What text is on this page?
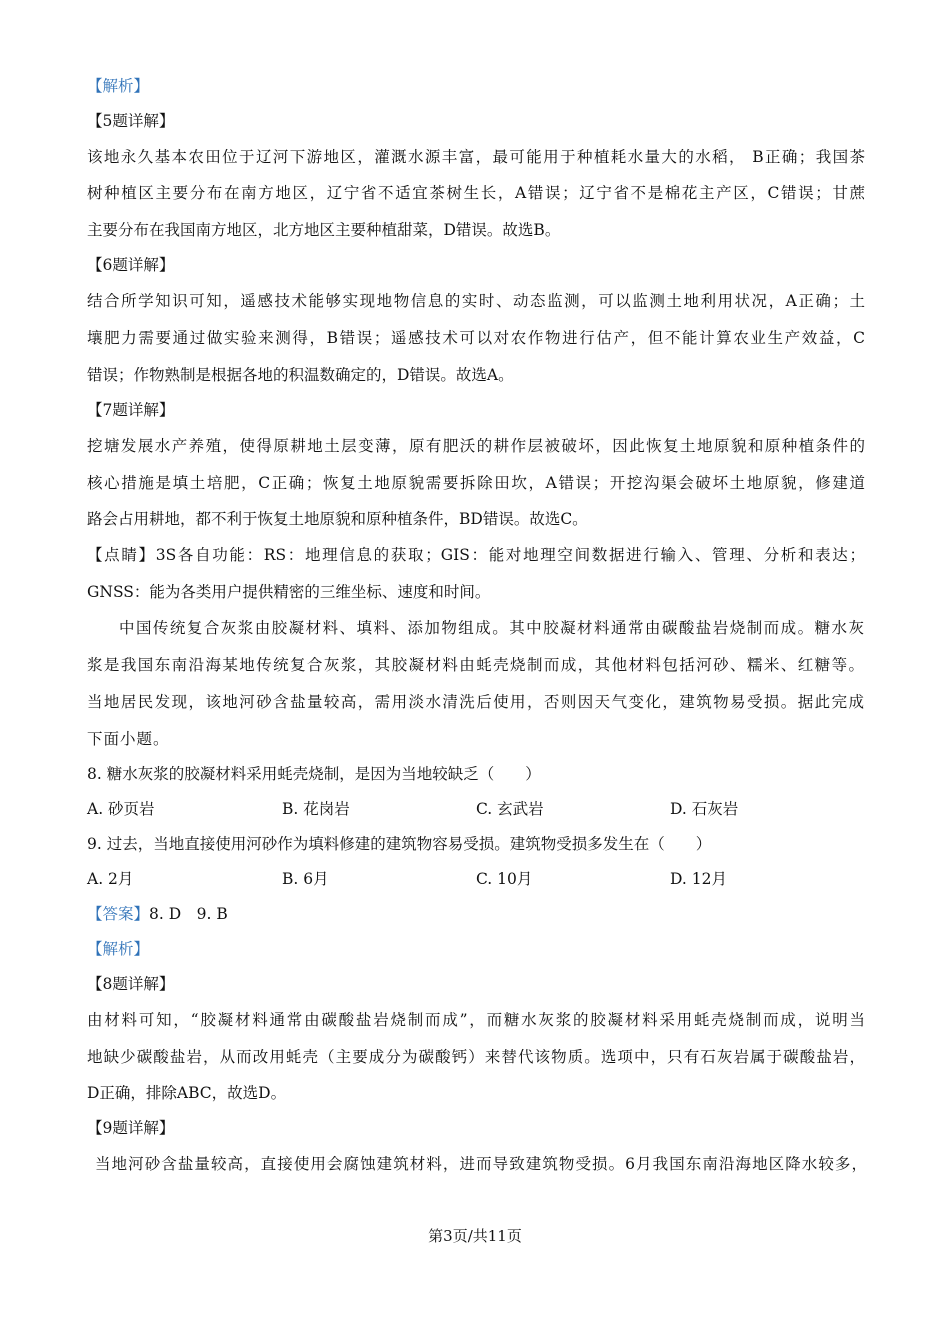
【解析】
【5题详解】
该地永久基本农田位于辽河下游地区，灌溉水源丰富，最可能用于种植耗水量大的水稻， B正确；我国茶
树种植区主要分布在南方地区，辽宁省不适宜茶树生长，A错误；辽宁省不是棉花主产区，C错误；甘蔗
主要分布在我国南方地区，北方地区主要种植甜菜，D错误。故选B。
【6题详解】
结合所学知识可知，遥感技术能够实现地物信息的实时、动态监测，可以监测土地利用状况，A正确；土
壤肥力需要通过做实验来测得，B错误；遥感技术可以对农作物进行估产，但不能计算农业生产效益，C
错误；作物熟制是根据各地的积温数确定的，D错误。故选A。
【7题详解】
挖塘发展水产养殖，使得原耕地土层变薄，原有肥沃的耕作层被破坏，因此恢复土地原貌和原种植条件的
核心措施是填土培肥，C正确；恢复土地原貌需要拆除田坎，A错误；开挖沟渠会破坏土地原貌，修建道
路会占用耕地，都不利于恢复土地原貌和原种植条件，BD错误。故选C。
【点睛】3S各自功能：RS：地理信息的获取；GIS：能对地理空间数据进行输入、管理、分析和表达；
GNSS：能为各类用户提供精密的三维坐标、速度和时间。
中国传统复合灰浆由胶凝材料、填料、添加物组成。其中胶凝材料通常由碳酸盐岩烧制而成。糖水灰
浆是我国东南沿海某地传统复合灰浆，其胶凝材料由蚝壳烧制而成，其他材料包括河砂、糯米、红糖等。
当地居民发现，该地河砂含盐量较高，需用淡水清洗后使用，否则因天气变化，建筑物易受损。据此完成
下面小题。
8. 糖水灰浆的胶凝材料采用蚝壳烧制，是因为当地较缺乏（　　）
A. 砂页岩	B. 花岗岩	C. 玄武岩	D. 石灰岩
9. 过去，当地直接使用河砂作为填料修建的建筑物容易受损。建筑物受损多发生在（　　）
A. 2月	B. 6月	C. 10月	D. 12月
【答案】8. D　9. B
【解析】
【8题详解】
由材料可知，“胶凝材料通常由碳酸盐岩烧制而成”，而糖水灰浆的胶凝材料采用蚝壳烧制而成，说明当
地缺少碳酸盐岩，从而改用蚝壳（主要成分为碳酸钙）来替代该物质。选项中，只有石灰岩属于碳酸盐岩，
D正确，排除ABC，故选D。
【9题详解】
当地河砂含盐量较高，直接使用会腐蚀建筑材料，进而导致建筑物受损。6月我国东南沿海地区降水较多，
第3页/共11页
